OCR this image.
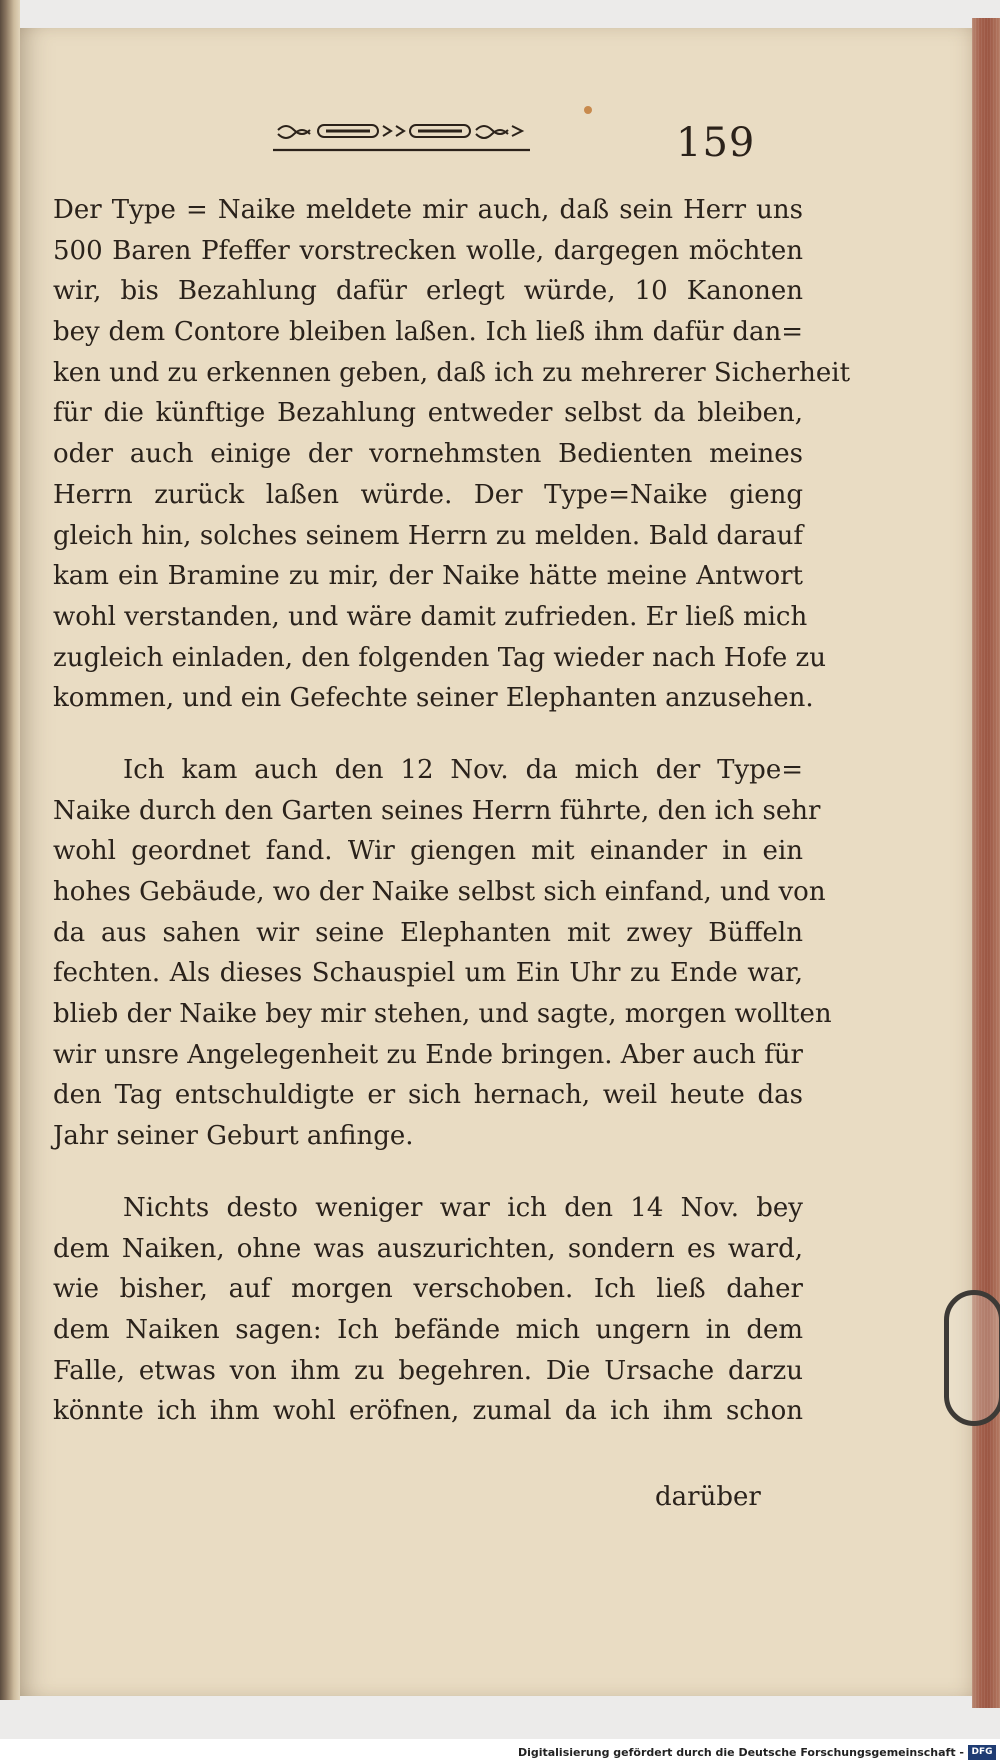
159
Der Type = Naike meldete mir auch, daß sein Herr uns
500 Baren Pfeffer vorstrecken wolle, dargegen möchten
wir, bis Bezahlung dafür erlegt würde, 10 Kanonen
bey dem Contore bleiben laßen. Ich ließ ihm dafür dan=
ken und zu erkennen geben, daß ich zu mehrerer Sicherheit
für die künftige Bezahlung entweder selbst da bleiben,
oder auch einige der vornehmsten Bedienten meines
Herrn zurück laßen würde. Der Type=Naike gieng
gleich hin, solches seinem Herrn zu melden. Bald darauf
kam ein Bramine zu mir, der Naike hätte meine Antwort
wohl verstanden, und wäre damit zufrieden. Er ließ mich
zugleich einladen, den folgenden Tag wieder nach Hofe zu
kommen, und ein Gefechte seiner Elephanten anzusehen.
Ich kam auch den 12 Nov. da mich der Type=
Naike durch den Garten seines Herrn führte, den ich sehr
wohl geordnet fand. Wir giengen mit einander in ein
hohes Gebäude, wo der Naike selbst sich einfand, und von
da aus sahen wir seine Elephanten mit zwey Büffeln
fechten. Als dieses Schauspiel um Ein Uhr zu Ende war,
blieb der Naike bey mir stehen, und sagte, morgen wollten
wir unsre Angelegenheit zu Ende bringen. Aber auch für
den Tag entschuldigte er sich hernach, weil heute das
Jahr seiner Geburt anfinge.
Nichts desto weniger war ich den 14 Nov. bey
dem Naiken, ohne was auszurichten, sondern es ward,
wie bisher, auf morgen verschoben. Ich ließ daher
dem Naiken sagen: Ich befände mich ungern in dem
Falle, etwas von ihm zu begehren. Die Ursache darzu
könnte ich ihm wohl eröfnen, zumal da ich ihm schon
darüber
Digitalisierung gefördert durch die Deutsche Forschungsgemeinschaft - DFG
